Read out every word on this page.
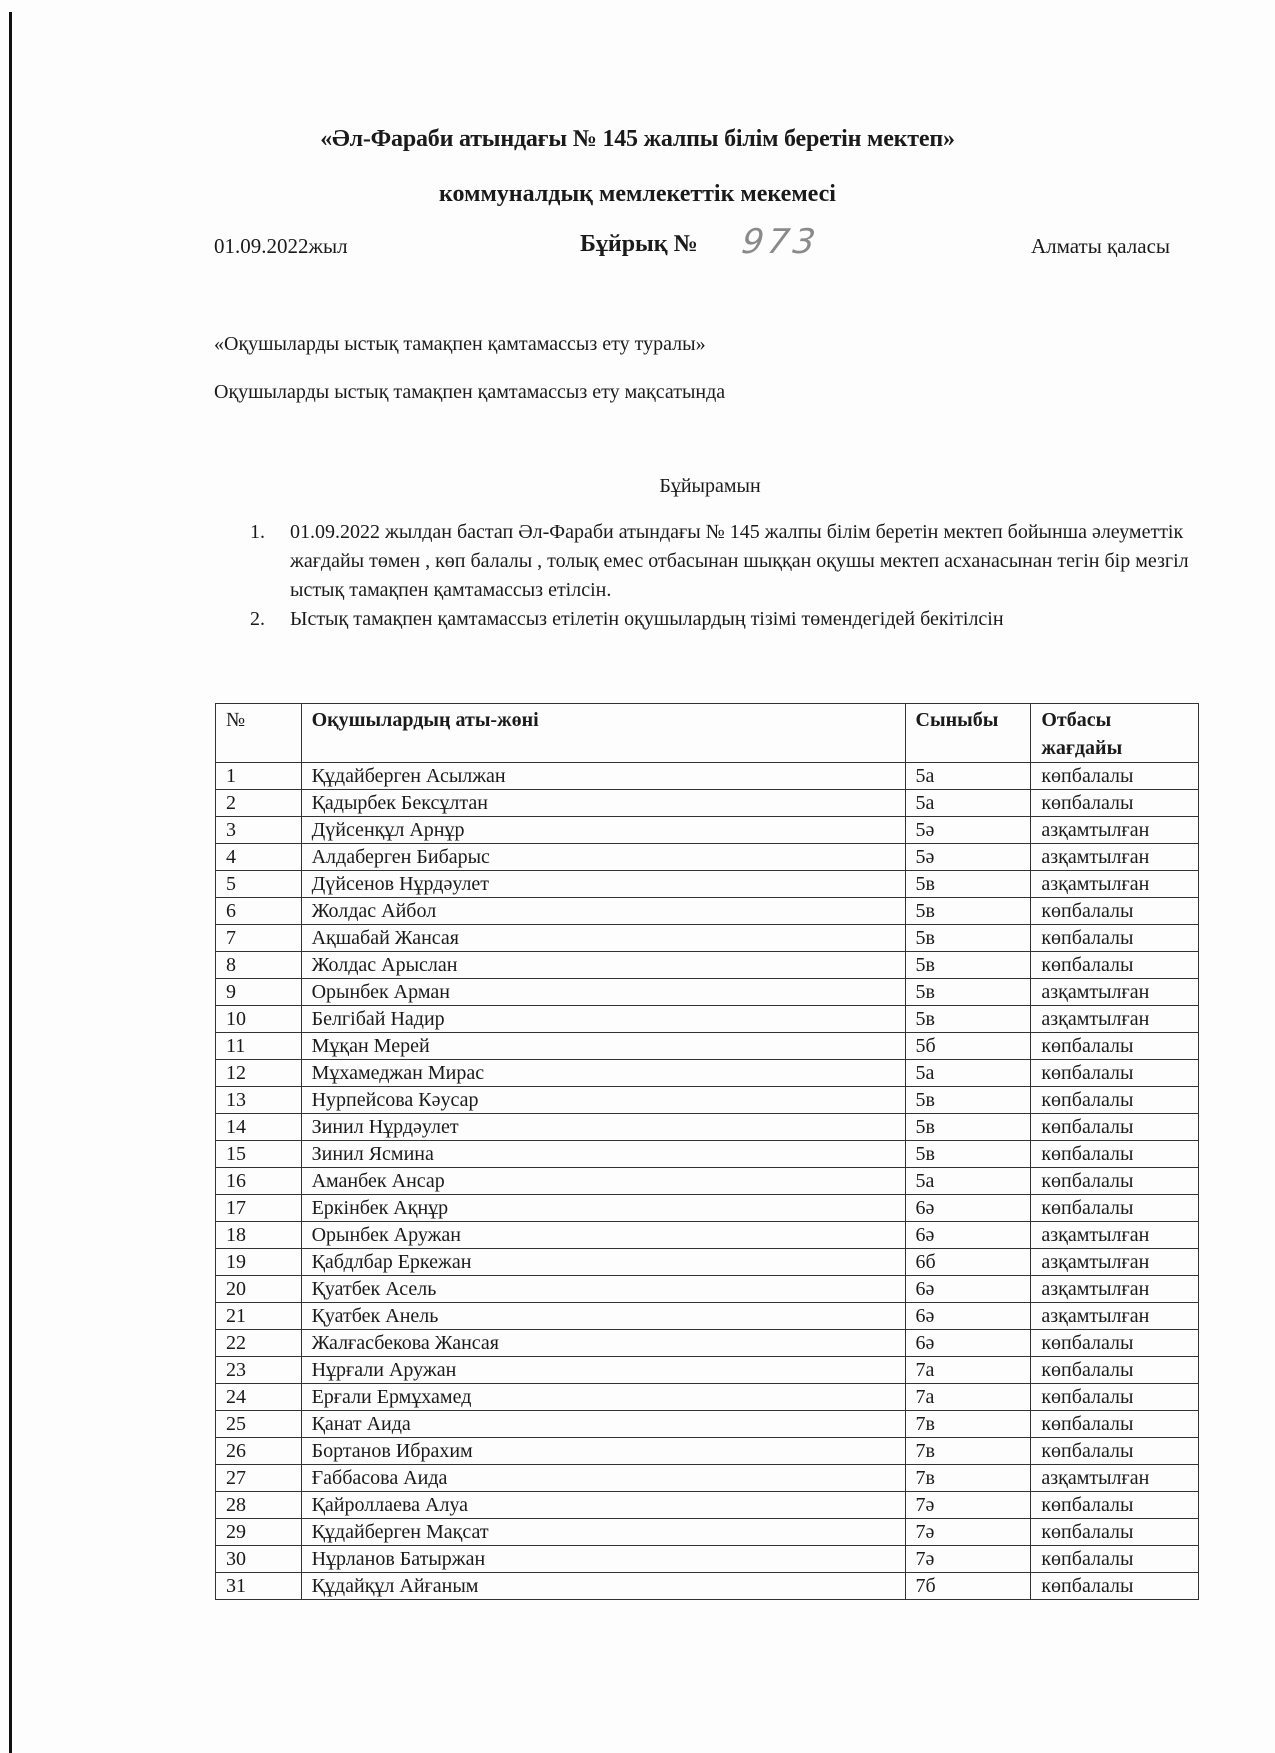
«Әл-Фараби атындағы № 145 жалпы білім беретін мектеп»
коммуналдық мемлекеттік мекемесі
01.09.2022жыл	Бұйрық № 973	Алматы қаласы
«Оқушыларды ыстық тамақпен қамтамассыз ету туралы»
Оқушыларды ыстық тамақпен қамтамассыз ету мақсатында
Бұйырамын
1.	01.09.2022 жылдан бастап Әл-Фараби атындағы № 145 жалпы білім беретін мектеп бойынша әлеуметтік жағдайы төмен , көп балалы , толық емес отбасынан шыққан оқушы мектеп асханасынан тегін бір мезгіл ыстық тамақпен қамтамассыз етілсін.
2.	Ыстық тамақпен қамтамассыз етілетін оқушылардың тізімі төмендегідей бекітілсін
№	Оқушылардың аты-жөні	Сыныбы	Отбасы жағдайы
1	Құдайберген Асылжан	5а	көпбалалы
2	Қадырбек Бексұлтан	5а	көпбалалы
3	Дүйсенқұл Арнұр	5ә	азқамтылған
4	Алдаберген Бибарыс	5ә	азқамтылған
5	Дүйсенов Нұрдәулет	5в	азқамтылған
6	Жолдас Айбол	5в	көпбалалы
7	Ақшабай Жансая	5в	көпбалалы
8	Жолдас Арыслан	5в	көпбалалы
9	Орынбек Арман	5в	азқамтылған
10	Белгібай Надир	5в	азқамтылған
11	Мұқан Мерей	5б	көпбалалы
12	Мұхамеджан Мирас	5а	көпбалалы
13	Нурпейсова Кәусар	5в	көпбалалы
14	Зинил Нұрдәулет	5в	көпбалалы
15	Зинил Ясмина	5в	көпбалалы
16	Аманбек Ансар	5а	көпбалалы
17	Еркінбек Ақнұр	6ә	көпбалалы
18	Орынбек Аружан	6ә	азқамтылған
19	Қабдлбар Еркежан	6б	азқамтылған
20	Қуатбек Асель	6ә	азқамтылған
21	Қуатбек Анель	6ә	азқамтылған
22	Жалғасбекова Жансая	6ә	көпбалалы
23	Нұрғали Аружан	7а	көпбалалы
24	Ерғали Ермұхамед	7а	көпбалалы
25	Қанат Аида	7в	көпбалалы
26	Бортанов Ибрахим	7в	көпбалалы
27	Ғаббасова Аида	7в	азқамтылған
28	Қайроллаева Алуа	7ә	көпбалалы
29	Құдайберген Мақсат	7ә	көпбалалы
30	Нұрланов Батыржан	7ә	көпбалалы
31	Құдайқұл Айғаным	7б	көпбалалы
